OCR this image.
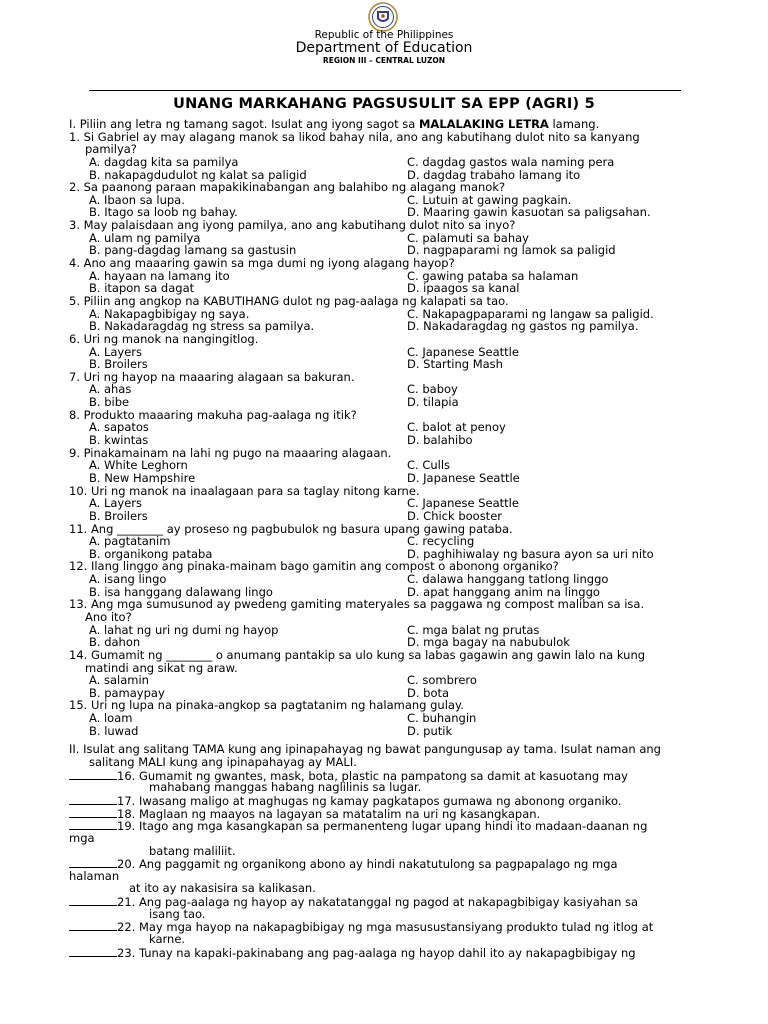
Republic of the Philippines
Department of Education
REGION III – CENTRAL LUZON
UNANG MARKAHANG PAGSUSULIT SA EPP (AGRI) 5
I. Piliin ang letra ng tamang sagot. Isulat ang iyong sagot sa MALALAKING LETRA lamang.
1. Si Gabriel ay may alagang manok sa likod bahay nila, ano ang kabutihang dulot nito sa kanyang
pamilya?
A. dagdag kita sa pamilya	C. dagdag gastos wala naming pera
B. nakapagdudulot ng kalat sa paligid	D. dagdag trabaho lamang ito
2. Sa paanong paraan mapakikinabangan ang balahibo ng alagang manok?
A. Ibaon sa lupa.	C. Lutuin at gawing pagkain.
B. Itago sa loob ng bahay.	D. Maaring gawin kasuotan sa paligsahan.
3. May palaisdaan ang iyong pamilya, ano ang kabutihang dulot nito sa inyo?
A. ulam ng pamilya	C. palamuti sa bahay
B. pang-dagdag lamang sa gastusin	D. nagpaparami ng lamok sa paligid
4. Ano ang maaaring gawin sa mga dumi ng iyong alagang hayop?
A. hayaan na lamang ito	C. gawing pataba sa halaman
B. itapon sa dagat	D. ipaagos sa kanal
5. Piliin ang angkop na KABUTIHANG dulot ng pag-aalaga ng kalapati sa tao.
A. Nakapagbibigay ng saya.	C. Nakapagpaparami ng langaw sa paligid.
B. Nakadaragdag ng stress sa pamilya.	D. Nakadaragdag ng gastos ng pamilya.
6. Uri ng manok na nangingitlog.
A. Layers	C. Japanese Seattle
B. Broilers	D. Starting Mash
7. Uri ng hayop na maaaring alagaan sa bakuran.
A. ahas	C. baboy
B. bibe	D. tilapia
8. Produkto maaaring makuha pag-aalaga ng itik?
A. sapatos	C. balot at penoy
B. kwintas	D. balahibo
9. Pinakamainam na lahi ng pugo na maaaring alagaan.
A. White Leghorn	C. Culls
B. New Hampshire	D. Japanese Seattle
10. Uri ng manok na inaalagaan para sa taglay nitong karne.
A. Layers	C. Japanese Seattle
B. Broilers	D. Chick booster
11. Ang ________ ay proseso ng pagbubulok ng basura upang gawing pataba.
A. pagtatanim	C. recycling
B. organikong pataba	D. paghihiwalay ng basura ayon sa uri nito
12. Ilang linggo ang pinaka-mainam bago gamitin ang compost o abonong organiko?
A. isang lingo	C. dalawa hanggang tatlong linggo
B. isa hanggang dalawang lingo	D. apat hanggang anim na linggo
13. Ang mga sumusunod ay pwedeng gamiting materyales sa paggawa ng compost maliban sa isa.
Ano ito?
A. lahat ng uri ng dumi ng hayop	C. mga balat ng prutas
B. dahon	D. mga bagay na nabubulok
14. Gumamit ng ________ o anumang pantakip sa ulo kung sa labas gagawin ang gawin lalo na kung
matindi ang sikat ng araw.
A. salamin	C. sombrero
B. pamaypay	D. bota
15. Uri ng lupa na pinaka-angkop sa pagtatanim ng halamang gulay.
A. loam	C. buhangin
B. luwad	D. putik
II. Isulat ang salitang TAMA kung ang ipinapahayag ng bawat pangungusap ay tama. Isulat naman ang
salitang MALI kung ang ipinapahayag ay MALI.
16. Gumamit ng gwantes, mask, bota, plastic na pampatong sa damit at kasuotang may
mahabang manggas habang naglilinis sa lugar.
17. Iwasang maligo at maghugas ng kamay pagkatapos gumawa ng abonong organiko.
18. Maglaan ng maayos na lagayan sa matatalim na uri ng kasangkapan.
19. Itago ang mga kasangkapan sa permanenteng lugar upang hindi ito madaan-daanan ng
mga
batang maliliit.
20. Ang paggamit ng organikong abono ay hindi nakatutulong sa pagpapalago ng mga
halaman
at ito ay nakasisira sa kalikasan.
21. Ang pag-aalaga ng hayop ay nakatatanggal ng pagod at nakapagbibigay kasiyahan sa
isang tao.
22. May mga hayop na nakapagbibigay ng mga masusustansiyang produkto tulad ng itlog at
karne.
23. Tunay na kapaki-pakinabang ang pag-aalaga ng hayop dahil ito ay nakapagbibigay ng
